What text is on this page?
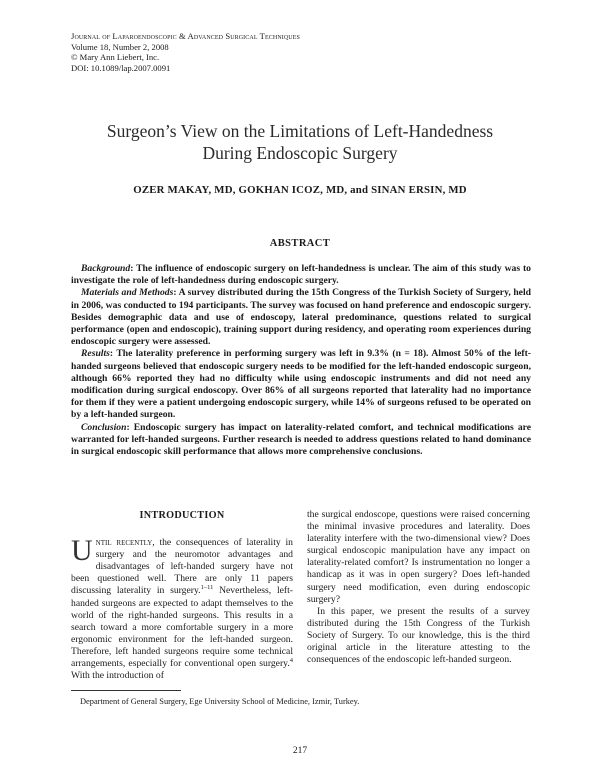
Journal of Laparoendoscopic & Advanced Surgical Techniques
Volume 18, Number 2, 2008
© Mary Ann Liebert, Inc.
DOI: 10.1089/lap.2007.0091
Surgeon’s View on the Limitations of Left-Handedness
During Endoscopic Surgery
OZER MAKAY, MD, GOKHAN ICOZ, MD, and SINAN ERSIN, MD
ABSTRACT

Background: The influence of endoscopic surgery on left-handedness is unclear. The aim of this study was to investigate the role of left-handedness during endoscopic surgery.

Materials and Methods: A survey distributed during the 15th Congress of the Turkish Society of Surgery, held in 2006, was conducted to 194 participants. The survey was focused on hand preference and endoscopic surgery. Besides demographic data and use of endoscopy, lateral predominance, questions related to surgical performance (open and endoscopic), training support during residency, and operating room experiences during endoscopic surgery were assessed.

Results: The laterality preference in performing surgery was left in 9.3% (n = 18). Almost 50% of the left-handed surgeons believed that endoscopic surgery needs to be modified for the left-handed endoscopic surgeon, although 66% reported they had no difficulty while using endoscopic instruments and did not need any modification during surgical endoscopy. Over 86% of all surgeons reported that laterality had no importance for them if they were a patient undergoing endoscopic surgery, while 14% of surgeons refused to be operated on by a left-handed surgeon.

Conclusion: Endoscopic surgery has impact on laterality-related comfort, and technical modifications are warranted for left-handed surgeons. Further research is needed to address questions related to hand dominance in surgical endoscopic skill performance that allows more comprehensive conclusions.

INTRODUCTION

Until recently, the consequences of laterality in surgery and the neuromotor advantages and disadvantages of left-handed surgery have not been questioned well. There are only 11 papers discussing laterality in surgery.$^{1-11}$ Nevertheless, left-handed surgeons are expected to adapt themselves to the world of the right-handed surgeons. This results in a search toward a more comfortable surgery in a more ergonomic environment for the left-handed surgeon. Therefore, left handed surgeons require some technical arrangements, especially for conventional open surgery.$^4$ With the introduction of

the surgical endoscope, questions were raised concerning the minimal invasive procedures and laterality. Does laterality interfere with the two-dimensional view? Does surgical endoscopic manipulation have any impact on laterality-related comfort? Is instrumentation no longer a handicap as it was in open surgery? Does left-handed surgery need modification, even during endoscopic surgery?

In this paper, we present the results of a survey distributed during the 15th Congress of the Turkish Society of Surgery. To our knowledge, this is the third original article in the literature attesting to the consequences of the endoscopic left-handed surgeon.

Department of General Surgery, Ege University School of Medicine, Izmir, Turkey.
217
